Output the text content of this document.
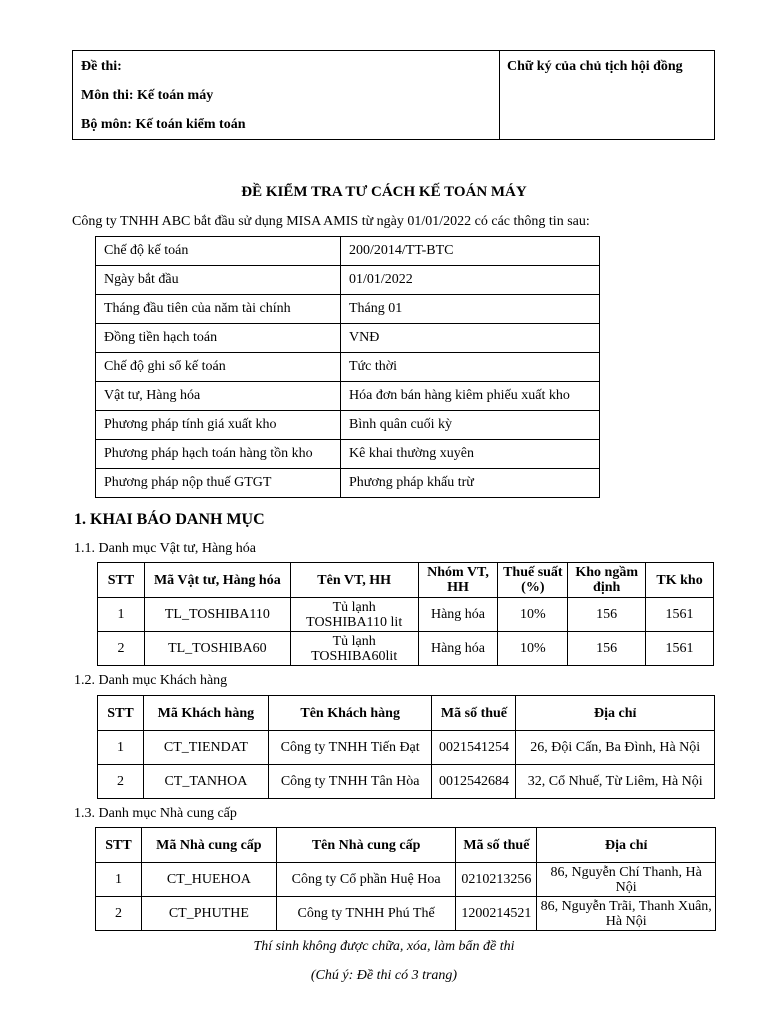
Đề thi:
Môn thi: Kế toán máy
Bộ môn: Kế toán kiểm toán
Chữ ký của chủ tịch hội đồng
ĐỀ KIỂM TRA TƯ CÁCH KẾ TOÁN MÁY
Công ty TNHH ABC bắt đầu sử dụng MISA AMIS từ ngày 01/01/2022 có các thông tin sau:
Chế độ kế toán	200/2014/TT-BTC
Ngày bắt đầu	01/01/2022
Tháng đầu tiên của năm tài chính	Tháng 01
Đồng tiền hạch toán	VNĐ
Chế độ ghi sổ kế toán	Tức thời
Vật tư, Hàng hóa	Hóa đơn bán hàng kiêm phiếu xuất kho
Phương pháp tính giá xuất kho	Bình quân cuối kỳ
Phương pháp hạch toán hàng tồn kho	Kê khai thường xuyên
Phương pháp nộp thuế GTGT	Phương pháp khấu trừ
1. KHAI BÁO DANH MỤC
1.1. Danh mục Vật tư, Hàng hóa
STT	Mã Vật tư, Hàng hóa	Tên VT, HH	Nhóm VT, HH	Thuế suất (%)	Kho ngầm định	TK kho
1	TL_TOSHIBA110	Tủ lạnh TOSHIBA110 lit	Hàng hóa	10%	156	1561
2	TL_TOSHIBA60	Tủ lạnh TOSHIBA60lit	Hàng hóa	10%	156	1561
1.2. Danh mục Khách hàng
STT	Mã Khách hàng	Tên Khách hàng	Mã số thuế	Địa chỉ
1	CT_TIENDAT	Công ty TNHH Tiến Đạt	0021541254	26, Đội Cấn, Ba Đình, Hà Nội
2	CT_TANHOA	Công ty TNHH Tân Hòa	0012542684	32, Cổ Nhuế, Từ Liêm, Hà Nội
1.3. Danh mục Nhà cung cấp
STT	Mã Nhà cung cấp	Tên Nhà cung cấp	Mã số thuế	Địa chỉ
1	CT_HUEHOA	Công ty Cổ phần Huệ Hoa	0210213256	86, Nguyễn Chí Thanh, Hà Nội
2	CT_PHUTHE	Công ty TNHH Phú Thế	1200214521	86, Nguyễn Trãi, Thanh Xuân, Hà Nội
Thí sinh không được chữa, xóa, làm bẩn đề thi
(Chú ý: Đề thi có 3 trang)
